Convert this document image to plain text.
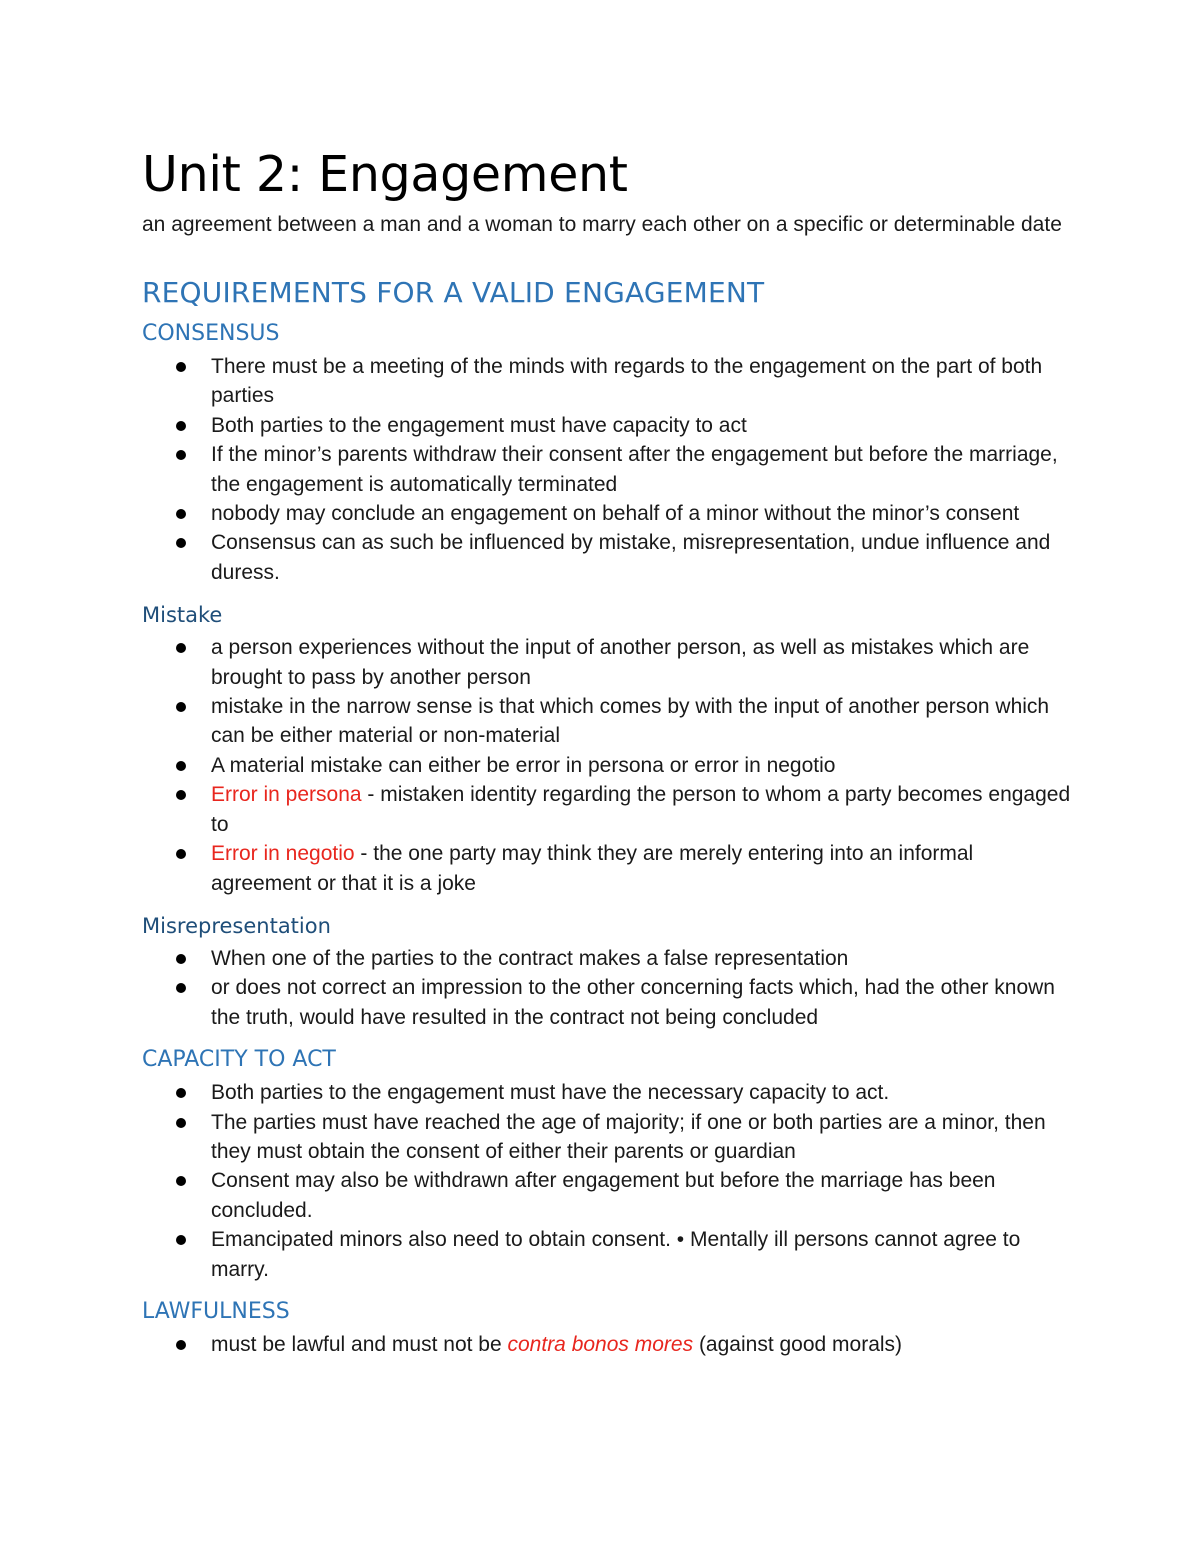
Unit 2: Engagement

an agreement between a man and a woman to marry each other on a specific or determinable date

REQUIREMENTS FOR A VALID ENGAGEMENT
CONSENSUS
There must be a meeting of the minds with regards to the engagement on the part of both parties
Both parties to the engagement must have capacity to act
If the minor’s parents withdraw their consent after the engagement but before the marriage, the engagement is automatically terminated
nobody may conclude an engagement on behalf of a minor without the minor’s consent
Consensus can as such be influenced by mistake, misrepresentation, undue influence and duress.
Mistake
a person experiences without the input of another person, as well as mistakes which are brought to pass by another person
mistake in the narrow sense is that which comes by with the input of another person which can be either material or non-material
A material mistake can either be error in persona or error in negotio
Error in persona - mistaken identity regarding the person to whom a party becomes engaged to
Error in negotio - the one party may think they are merely entering into an informal agreement or that it is a joke
Misrepresentation
When one of the parties to the contract makes a false representation
or does not correct an impression to the other concerning facts which, had the other known the truth, would have resulted in the contract not being concluded
CAPACITY TO ACT
Both parties to the engagement must have the necessary capacity to act.
The parties must have reached the age of majority; if one or both parties are a minor, then they must obtain the consent of either their parents or guardian
Consent may also be withdrawn after engagement but before the marriage has been concluded.
Emancipated minors also need to obtain consent. • Mentally ill persons cannot agree to marry.
LAWFULNESS
must be lawful and must not be contra bonos mores (against good morals)
